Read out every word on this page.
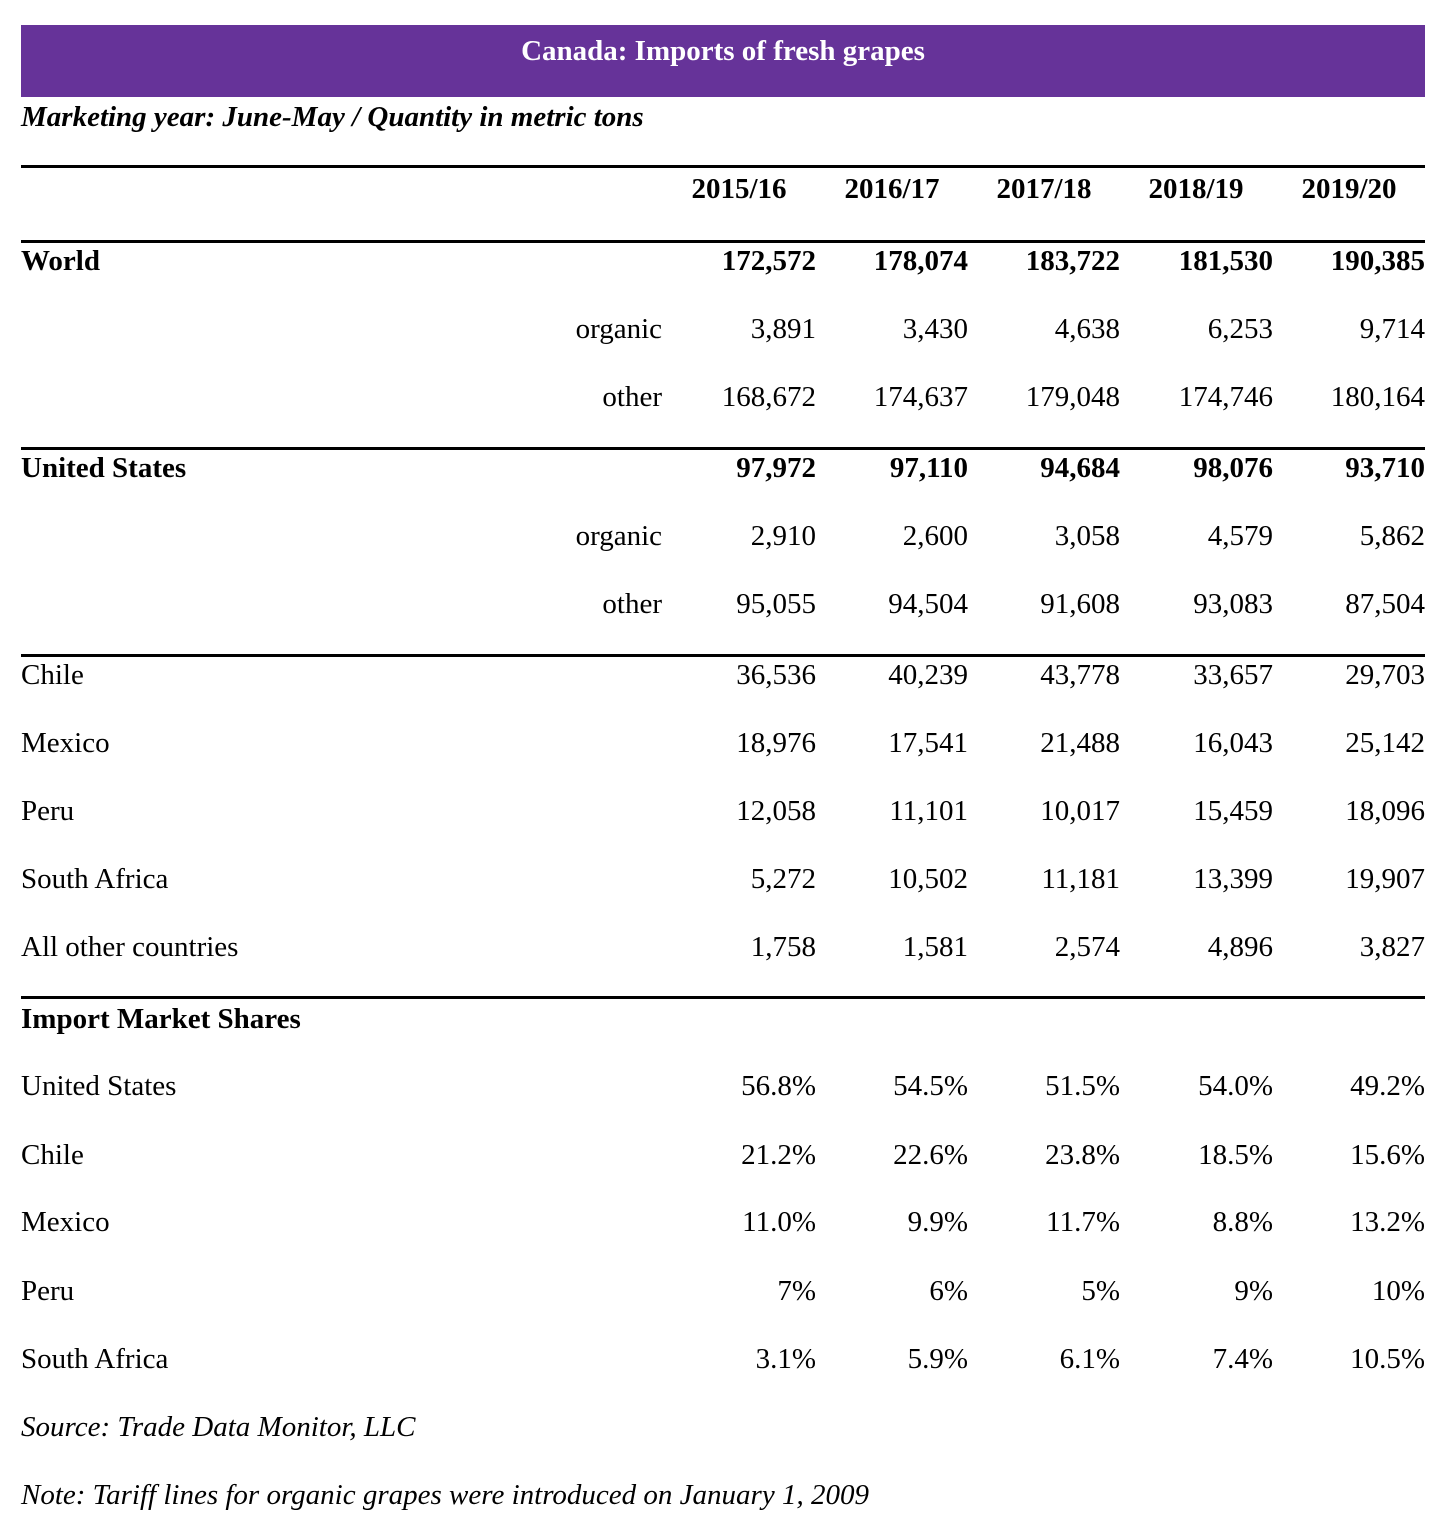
Canada: Imports of fresh grapes
Marketing year: June-May / Quantity in metric tons
2015/16	2016/17	2017/18	2018/19	2019/20
World	172,572 178,074 183,722 181,530 190,385
organic	3,891	3,430	4,638	6,253	9,714
other 168,672 174,637 179,048 174,746 180,164
United States	97,972	97,110 94,684	98,076 93,710
organic	2,910	2,600	3,058	4,579	5,862
other	95,055 94,504 91,608	93,083 87,504
Chile	36,536 40,239 43,778	33,657 29,703
Mexico	18,976 17,541 21,488	16,043 25,142
Peru	12,058	11,101 10,017	15,459 18,096
South Africa	5,272 10,502	11,181	13,399 19,907
All other countries	1,758	1,581	2,574	4,896	3,827
Import Market Shares
United States	56.8%	54.5%	51.5%	54.0%	49.2%
Chile	21.2%	22.6%	23.8%	18.5%	15.6%
Mexico	11.0%	9.9%	11.7%	8.8%	13.2%
Peru	7%	6%	5%	9%	10%
South Africa	3.1%	5.9%	6.1%	7.4%	10.5%
Source: Trade Data Monitor, LLC
Note: Tariff lines for organic grapes were introduced on January 1, 2009
